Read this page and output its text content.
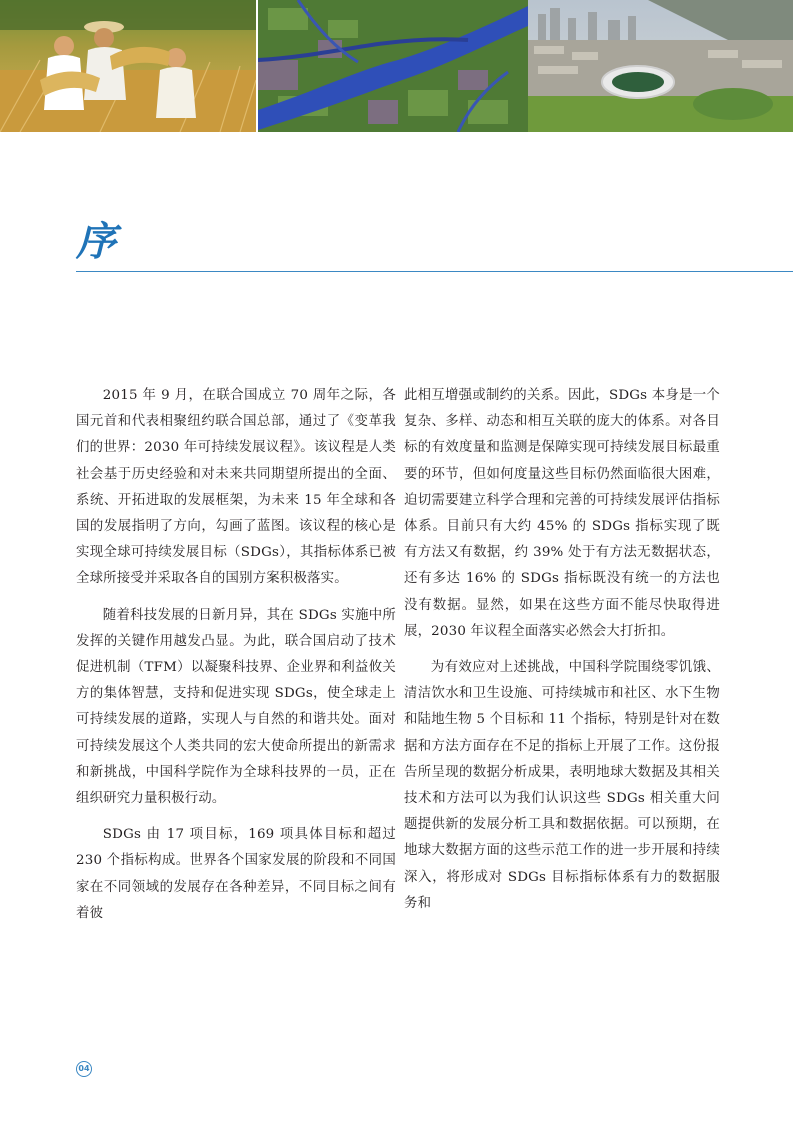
序

2015 年 9 月，在联合国成立 70 周年之际，各国元首和代表相聚纽约联合国总部，通过了《变革我们的世界：2030 年可持续发展议程》。该议程是人类社会基于历史经验和对未来共同期望所提出的全面、系统、开拓进取的发展框架，为未来 15 年全球和各国的发展指明了方向，勾画了蓝图。该议程的核心是实现全球可持续发展目标（SDGs），其指标体系已被全球所接受并采取各自的国别方案积极落实。

随着科技发展的日新月异，其在 SDGs 实施中所发挥的关键作用越发凸显。为此，联合国启动了技术促进机制（TFM）以凝聚科技界、企业界和利益攸关方的集体智慧，支持和促进实现 SDGs，使全球走上可持续发展的道路，实现人与自然的和谐共处。面对可持续发展这个人类共同的宏大使命所提出的新需求和新挑战，中国科学院作为全球科技界的一员，正在组织研究力量积极行动。

SDGs 由 17 项目标，169 项具体目标和超过 230 个指标构成。世界各个国家发展的阶段和不同国家在不同领域的发展存在各种差异，不同目标之间有着彼

此相互增强或制约的关系。因此，SDGs 本身是一个复杂、多样、动态和相互关联的庞大的体系。对各目标的有效度量和监测是保障实现可持续发展目标最重要的环节，但如何度量这些目标仍然面临很大困难，迫切需要建立科学合理和完善的可持续发展评估指标体系。目前只有大约 45% 的 SDGs 指标实现了既有方法又有数据，约 39% 处于有方法无数据状态，还有多达 16% 的 SDGs 指标既没有统一的方法也没有数据。显然，如果在这些方面不能尽快取得进展，2030 年议程全面落实必然会大打折扣。

为有效应对上述挑战，中国科学院围绕零饥饿、清洁饮水和卫生设施、可持续城市和社区、水下生物和陆地生物 5 个目标和 11 个指标，特别是针对在数据和方法方面存在不足的指标上开展了工作。这份报告所呈现的数据分析成果，表明地球大数据及其相关技术和方法可以为我们认识这些 SDGs 相关重大问题提供新的发展分析工具和数据依据。可以预期，在地球大数据方面的这些示范工作的进一步开展和持续深入，将形成对 SDGs 目标指标体系有力的数据服务和

04
